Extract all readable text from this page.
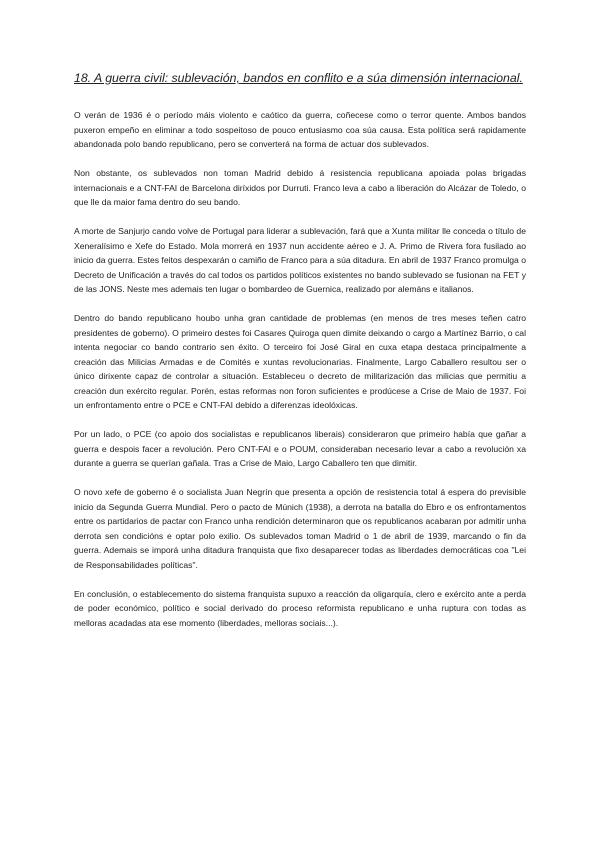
18. A guerra civil: sublevación, bandos en conflito e a súa dimensión internacional.

O verán de 1936 é o período máis violento e caótico da guerra, coñecese como o terror quente. Ambos bandos puxeron empeño en eliminar a todo sospeitoso de pouco entusiasmo coa súa causa. Esta política será rapidamente abandonada polo bando republicano, pero se converterá na forma de actuar dos sublevados.

Non obstante, os sublevados non toman Madrid debido á resistencia republicana apoiada polas brigadas internacionais e a CNT-FAI de Barcelona diríxidos por Durruti. Franco leva a cabo a liberación do Alcázar de Toledo, o que lle da maior fama dentro do seu bando.

A morte de Sanjurjo cando volve de Portugal para liderar a sublevación, fará que a Xunta militar lle conceda o título de Xeneralísimo e Xefe do Estado. Mola morrerá en 1937 nun accidente aéreo e J. A. Primo de Rivera fora fusilado ao inicio da guerra. Estes feitos despexarán o camiño de Franco para a súa ditadura. En abril de 1937 Franco promulga o Decreto de Unificación a través do cal todos os partidos políticos existentes no bando sublevado se fusionan na FET y de las JONS. Neste mes ademais ten lugar o bombardeo de Guernica, realizado por alemáns e italianos.

Dentro do bando republicano houbo unha gran cantidade de problemas (en menos de tres meses teñen catro presidentes de goberno). O primeiro destes foi Casares Quiroga quen dimite deixando o cargo a Martínez Barrio, o cal intenta negociar co bando contrario sen éxito. O terceiro foi José Giral en cuxa etapa destaca principalmente a creación das Milicias Armadas e de Comités e xuntas revolucionarias. Finalmente, Largo Caballero resultou ser o único dirixente capaz de controlar a situación. Estableceu o decreto de militarización das milicias que permitiu a creación dun exército regular. Porén, estas reformas non foron suficientes e prodúcese a Crise de Maio de 1937. Foi un enfrontamento entre o PCE e CNT-FAI debido a diferenzas ideolóxicas.

Por un lado, o PCE (co apoio dos socialistas e republicanos liberais) consideraron que primeiro había que gañar a guerra e despois facer a revolución. Pero CNT-FAI e o POUM, consideraban necesario levar a cabo a revolución xa durante a guerra se querían gañala. Tras a Crise de Maio, Largo Caballero ten que dimitir.

O novo xefe de goberno é o socialista Juan Negrín que presenta a opción de resistencia total á espera do previsible inicio da Segunda Guerra Mundial. Pero o pacto de Múnich (1938), a derrota na batalla do Ebro e os enfrontamentos entre os partidarios de pactar con Franco unha rendición determinaron que os republicanos acabaran por admitir unha derrota sen condicións e optar polo exilio. Os sublevados toman Madrid o 1 de abril de 1939, marcando o fin da guerra. Ademais se imporá unha ditadura franquista que fixo desaparecer todas as liberdades democráticas coa "Lei de Responsabilidades políticas".

En conclusión, o establecemento do sistema franquista supuxo a reacción da oligarquía, clero e exército ante a perda de poder económico, político e social derivado do proceso reformista republicano e unha ruptura con todas as melloras acadadas ata ese momento (liberdades, melloras sociais...).
